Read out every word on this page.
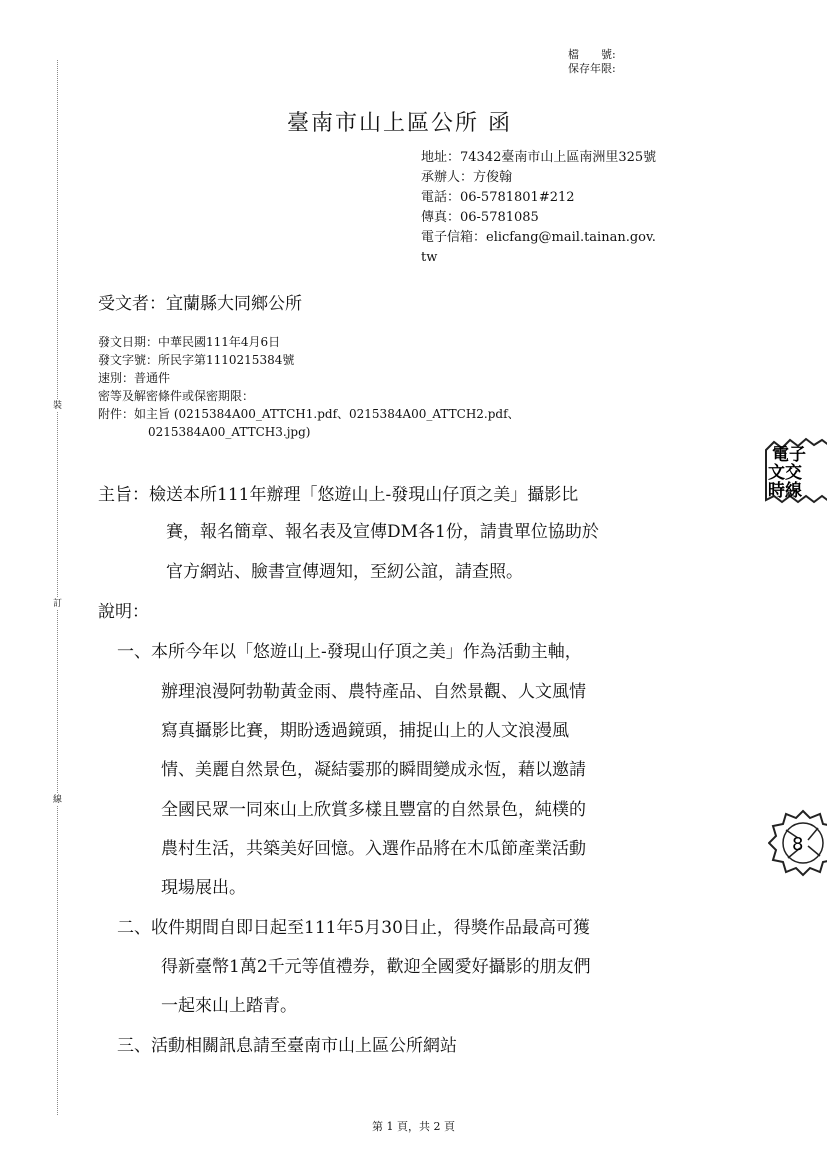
裝
訂
線
檔　　號:
保存年限:
臺南市山上區公所 函
地址：74342臺南市山上區南洲里325號
承辦人：方俊翰
電話：06-5781801#212
傳真：06-5781085
電子信箱：elicfang@mail.tainan.gov.
tw
受文者：宜蘭縣大同鄉公所
發文日期：中華民國111年4月6日
發文字號：所民字第1110215384號
速別：普通件
密等及解密條件或保密期限：
附件：如主旨 (0215384A00_ATTCH1.pdf、0215384A00_ATTCH2.pdf、
0215384A00_ATTCH3.jpg)
主旨：檢送本所111年辦理「悠遊山上-發現山仔頂之美」攝影比
賽，報名簡章、報名表及宣傳DM各1份，請貴單位協助於
官方網站、臉書宣傳週知，至紉公誼，請查照。
說明：
一、本所今年以「悠遊山上-發現山仔頂之美」作為活動主軸，
辦理浪漫阿勃勒黃金雨、農特產品、自然景觀、人文風情
寫真攝影比賽，期盼透過鏡頭，捕捉山上的人文浪漫風
情、美麗自然景色，凝結霎那的瞬間變成永恆，藉以邀請
全國民眾一同來山上欣賞多樣且豐富的自然景色，純樸的
農村生活，共築美好回憶。入選作品將在木瓜節產業活動
現場展出。
二、收件期間自即日起至111年5月30日止，得獎作品最高可獲
得新臺幣1萬2千元等值禮券，歡迎全國愛好攝影的朋友們
一起來山上踏青。
三、活動相關訊息請至臺南市山上區公所網站
電子
文交
時線
8
第 1 頁，共 2 頁
